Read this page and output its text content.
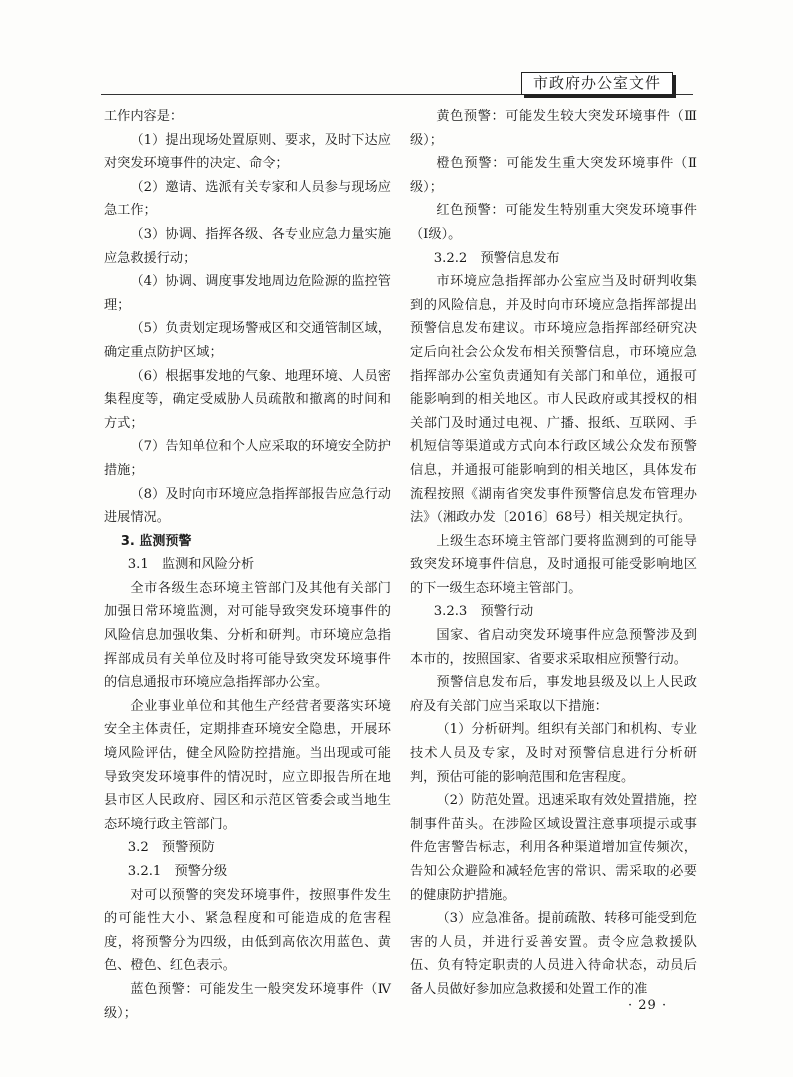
市政府办公室文件

工作内容是：

（1）提出现场处置原则、要求，及时下达应对突发环境事件的决定、命令；

（2）邀请、选派有关专家和人员参与现场应急工作；

（3）协调、指挥各级、各专业应急力量实施应急救援行动；

（4）协调、调度事发地周边危险源的监控管理；

（5）负责划定现场警戒区和交通管制区域，确定重点防护区域；

（6）根据事发地的气象、地理环境、人员密集程度等，确定受威胁人员疏散和撤离的时间和方式；

（7）告知单位和个人应采取的环境安全防护措施；

（8）及时向市环境应急指挥部报告应急行动进展情况。

3. 监测预警

3.1　监测和风险分析

全市各级生态环境主管部门及其他有关部门加强日常环境监测，对可能导致突发环境事件的风险信息加强收集、分析和研判。市环境应急指挥部成员有关单位及时将可能导致突发环境事件的信息通报市环境应急指挥部办公室。

企业事业单位和其他生产经营者要落实环境安全主体责任，定期排查环境安全隐患，开展环境风险评估，健全风险防控措施。当出现或可能导致突发环境事件的情况时，应立即报告所在地县市区人民政府、园区和示范区管委会或当地生态环境行政主管部门。

3.2　预警预防

3.2.1　预警分级

对可以预警的突发环境事件，按照事件发生的可能性大小、紧急程度和可能造成的危害程度，将预警分为四级，由低到高依次用蓝色、黄色、橙色、红色表示。

蓝色预警：可能发生一般突发环境事件（Ⅳ级）；

黄色预警：可能发生较大突发环境事件（Ⅲ级）；

橙色预警：可能发生重大突发环境事件（Ⅱ级）；

红色预警：可能发生特别重大突发环境事件（Ⅰ级）。

3.2.2　预警信息发布

市环境应急指挥部办公室应当及时研判收集到的风险信息，并及时向市环境应急指挥部提出预警信息发布建议。市环境应急指挥部经研究决定后向社会公众发布相关预警信息，市环境应急指挥部办公室负责通知有关部门和单位，通报可能影响到的相关地区。市人民政府或其授权的相关部门及时通过电视、广播、报纸、互联网、手机短信等渠道或方式向本行政区域公众发布预警信息，并通报可能影响到的相关地区，具体发布流程按照《湖南省突发事件预警信息发布管理办法》（湘政办发〔2016〕68号）相关规定执行。

上级生态环境主管部门要将监测到的可能导致突发环境事件信息，及时通报可能受影响地区的下一级生态环境主管部门。

3.2.3　预警行动

国家、省启动突发环境事件应急预警涉及到本市的，按照国家、省要求采取相应预警行动。

预警信息发布后，事发地县级及以上人民政府及有关部门应当采取以下措施：

（1）分析研判。组织有关部门和机构、专业技术人员及专家，及时对预警信息进行分析研判，预估可能的影响范围和危害程度。

（2）防范处置。迅速采取有效处置措施，控制事件苗头。在涉险区域设置注意事项提示或事件危害警告标志，利用各种渠道增加宣传频次，告知公众避险和减轻危害的常识、需采取的必要的健康防护措施。

（3）应急准备。提前疏散、转移可能受到危害的人员，并进行妥善安置。责令应急救援队伍、负有特定职责的人员进入待命状态，动员后备人员做好参加应急救援和处置工作的准

· 29 ·
